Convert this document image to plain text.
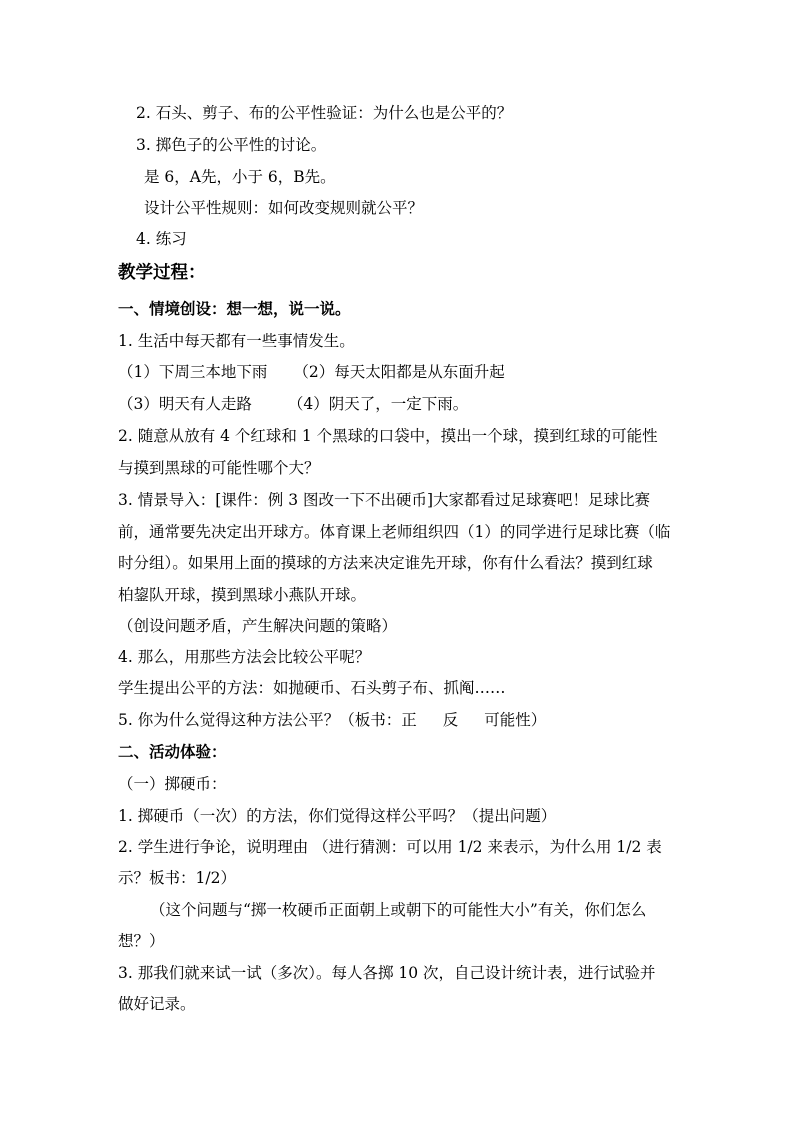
2. 石头、剪子、布的公平性验证：为什么也是公平的？
3. 掷色子的公平性的讨论。
是 6，A先，小于 6，B先。
设计公平性规则：如何改变规则就公平？
4. 练习
教学过程：
一、情境创设：想一想，说一说。
1. 生活中每天都有一些事情发生。
（1）下周三本地下雨 （2）每天太阳都是从东面升起
（3）明天有人走路 （4）阴天了，一定下雨。
2. 随意从放有 4 个红球和 1 个黑球的口袋中，摸出一个球，摸到红球的可能性
与摸到黑球的可能性哪个大？
3. 情景导入：[课件：例 3 图改一下不出硬币]大家都看过足球赛吧！足球比赛
前，通常要先决定出开球方。体育课上老师组织四（1）的同学进行足球比赛（临
时分组）。如果用上面的摸球的方法来决定谁先开球，你有什么看法？摸到红球
柏鋆队开球，摸到黑球小燕队开球。
（创设问题矛盾，产生解决问题的策略）
4. 那么，用那些方法会比较公平呢？
学生提出公平的方法：如抛硬币、石头剪子布、抓阄……
5. 你为什么觉得这种方法公平？（板书：正 反 可能性）
二、活动体验：
（一）掷硬币：
1. 掷硬币（一次）的方法，你们觉得这样公平吗？（提出问题）
2. 学生进行争论，说明理由 （进行猜测：可以用 1/2 来表示，为什么用 1/2 表
示？板书：1/2）
（这个问题与“掷一枚硬币正面朝上或朝下的可能性大小”有关，你们怎么
想？）
3. 那我们就来试一试（多次）。每人各掷 10 次，自己设计统计表，进行试验并
做好记录。
